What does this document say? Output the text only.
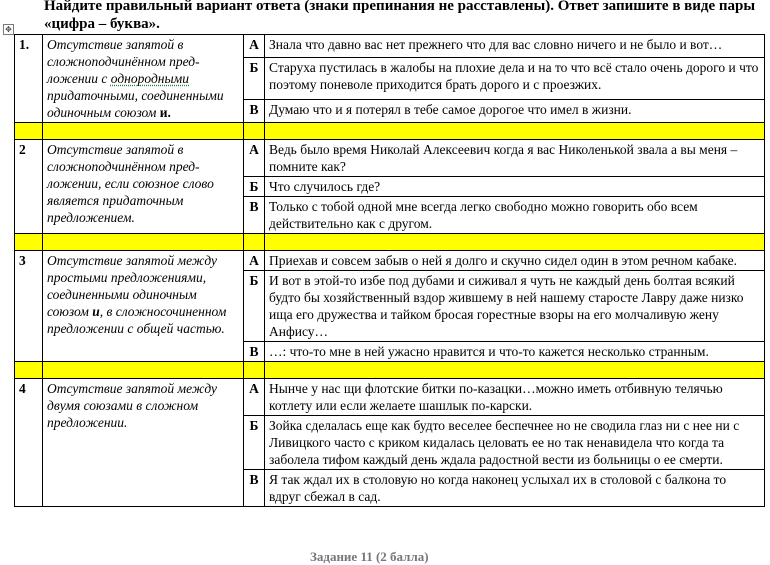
Найдите правильный вариант ответа (знаки препинания не расставлены). Ответ запишите в виде пары «цифра – буква».
✥
1.	Отсутствие запятой в сложноподчинённом предложении с однородными придаточными, соединенными одиночным союзом и.	А	Знала что давно вас нет прежнего что для вас словно ничего и не было и вот…
		Б	Старуха пустилась в жалобы на плохие дела и на то что всё стало очень дорого и что поэтому поневоле приходится брать дорого и с проезжих.
		В	Думаю что и я потерял в тебе самое дорогое что имел в жизни.

2	Отсутствие запятой в сложноподчинённом предложении, если союзное слово является придаточным предложением.	А	Ведь было время Николай Алексеевич когда я вас Николенькой звала а вы меня – помните как?
		Б	Что случилось где?
		В	Только с тобой одной мне всегда легко свободно можно говорить обо всем действительно как с другом.

3	Отсутствие запятой между простыми предложениями, соединенными одиночным союзом и, в сложносочиненном предложении с общей частью.	А	Приехав и совсем забыв о ней я долго и скучно сидел один в этом речном кабаке.
		Б	И вот в этой-то избе под дубами и сиживал я чуть не каждый день болтая всякий будто бы хозяйственный вздор жившему в ней нашему старосте Лавру даже низко ища его дружества и тайком бросая горестные взоры на его молчаливую жену Анфису…
		В	…: что-то мне в ней ужасно нравится и что-то кажется несколько странным.

4	Отсутствие запятой между двумя союзами в сложном предложении.	А	Нынче у нас щи флотские битки по-казацки…можно иметь отбивную телячью котлету или если желаете шашлык по-карски.
		Б	Зойка сделалась еще как будто веселее беспечнее но не сводила глаз ни с нее ни с Ливицкого часто с криком кидалась целовать ее но так ненавидела что когда та заболела тифом каждый день ждала радостной вести из больницы о ее смерти.
		В	Я так ждал их в столовую но когда наконец услыхал их в столовой с балкона то вдруг сбежал в сад.
Задание 11 (2 балла)
